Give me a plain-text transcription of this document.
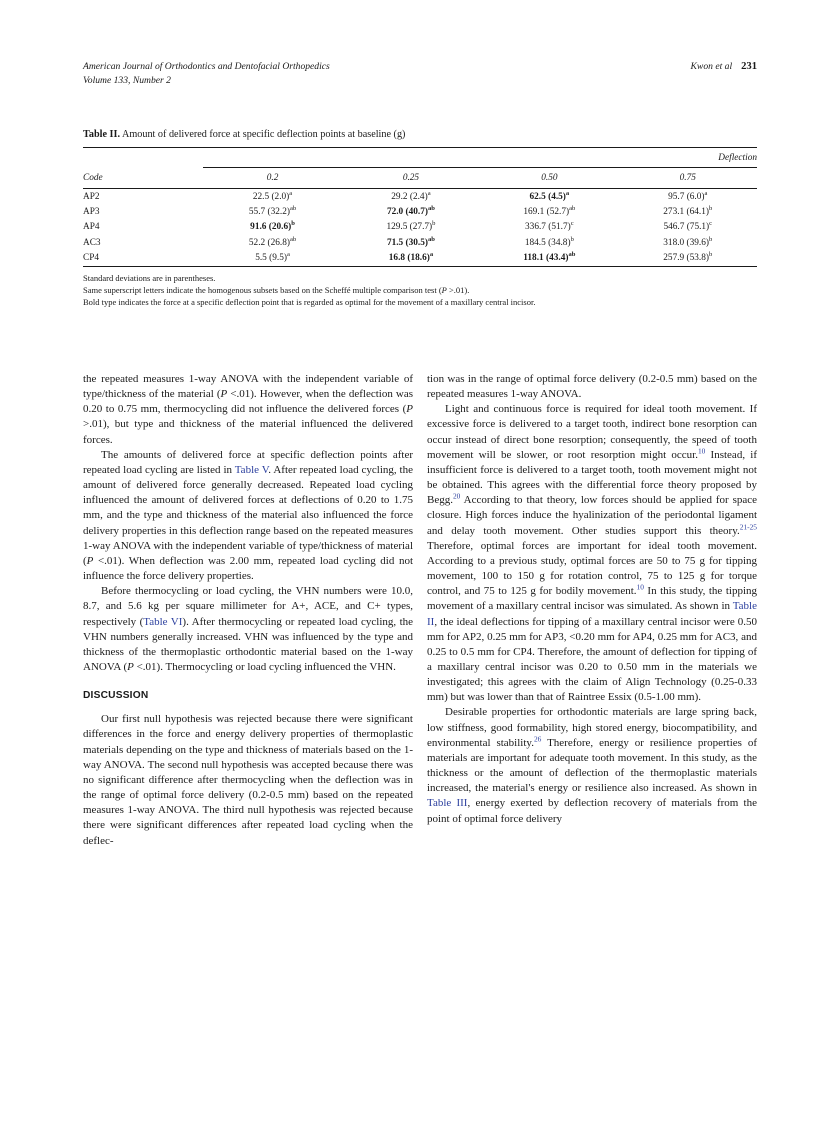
American Journal of Orthodontics and Dentofacial Orthopedics	Kwon et al 231
Volume 133, Number 2
Table II. Amount of delivered force at specific deflection points at baseline (g)

	Deflection			

Code	0.2	0.25	0.50	0.75

AP2	22.5 $(2.0)^a$	29.2 $(2.4)^a$	62.5 $(4.5)^a$	95.7 $(6.0)^a$
AP3	55.7 $(32.2)^{ab}$	72.0 $(40.7)^{ab}$	169.1 $(52.7)^{ab}$	273.1 $(64.1)^b$
AP4	91.6 $(20.6)^b$	129.5 $(27.7)^b$	336.7 $(51.7)^c$	546.7 $(75.1)^c$
AC3	52.2 $(26.8)^{ab}$	71.5 $(30.5)^{ab}$	184.5 $(34.8)^b$	318.0 $(39.6)^b$
CP4	5.5 $(9.5)^a$	16.8 $(18.6)^a$	118.1 $(43.4)^{ab}$	257.9 $(53.8)^b$

Standard deviations are in parentheses.
Same superscript letters indicate the homogenous subsets based on the Scheffé multiple comparison test (P >.01).
Bold type indicates the force at a specific deflection point that is regarded as optimal for the movement of a maxillary central incisor.

the repeated measures 1-way ANOVA with the independent variable of type/thickness of the material (P <.01). However, when the deflection was 0.20 to 0.75 mm, thermocycling did not influence the delivered forces (P >.01), but type and thickness of the material influenced the delivered forces.

The amounts of delivered force at specific deflection points after repeated load cycling are listed in Table V. After repeated load cycling, the amount of delivered force generally decreased. Repeated load cycling influenced the amount of delivered forces at deflections of 0.20 to 1.75 mm, and the type and thickness of the material also influenced the force delivery properties in this deflection range based on the repeated measures 1-way ANOVA with the independent variable of type/thickness of material (P <.01). When deflection was 2.00 mm, repeated load cycling did not influence the force delivery properties.

Before thermocycling or load cycling, the VHN numbers were 10.0, 8.7, and 5.6 kg per square millimeter for A+, ACE, and C+ types, respectively (Table VI). After thermocycling or repeated load cycling, the VHN numbers generally increased. VHN was influenced by the type and thickness of the thermoplastic orthodontic material based on the 1-way ANOVA (P <.01). Thermocycling or load cycling influenced the VHN.

DISCUSSION

Our first null hypothesis was rejected because there were significant differences in the force and energy delivery properties of thermoplastic materials depending on the type and thickness of materials based on the 1-way ANOVA. The second null hypothesis was accepted because there was no significant difference after thermocycling when the deflection was in the range of optimal force delivery (0.2-0.5 mm) based on the repeated measures 1-way ANOVA. The third null hypothesis was rejected because there were significant differences after repeated load cycling when the deflec-

tion was in the range of optimal force delivery (0.2-0.5 mm) based on the repeated measures 1-way ANOVA.

Light and continuous force is required for ideal tooth movement. If excessive force is delivered to a target tooth, indirect bone resorption can occur instead of direct bone resorption; consequently, the speed of tooth movement will be slower, or root resorption might occur.$^{10}$ Instead, if insufficient force is delivered to a target tooth, tooth movement might not be obtained. This agrees with the differential force theory proposed by Begg.$^{20}$ According to that theory, low forces should be applied for space closure. High forces induce the hyalinization of the periodontal ligament and delay tooth movement. Other studies support this theory.$^{21-25}$ Therefore, optimal forces are important for ideal tooth movement. According to a previous study, optimal forces are 50 to 75 g for tipping movement, 100 to 150 g for rotation control, 75 to 125 g for torque control, and 75 to 125 g for bodily movement.$^{10}$ In this study, the tipping movement of a maxillary central incisor was simulated. As shown in Table II, the ideal deflections for tipping of a maxillary central incisor were 0.50 mm for AP2, 0.25 mm for AP3, <0.20 mm for AP4, 0.25 mm for AC3, and 0.25 to 0.5 mm for CP4. Therefore, the amount of deflection for tipping of a maxillary central incisor was 0.20 to 0.50 mm in the materials we investigated; this agrees with the claim of Align Technology (0.25-0.33 mm) but was lower than that of Raintree Essix (0.5-1.00 mm).

Desirable properties for orthodontic materials are large spring back, low stiffness, good formability, high stored energy, biocompatibility, and environmental stability.$^{26}$ Therefore, energy or resilience properties of materials are important for adequate tooth movement. In this study, as the thickness or the amount of deflection of the thermoplastic materials increased, the material's energy or resilience also increased. As shown in Table III, energy exerted by deflection recovery of materials from the point of optimal force delivery
